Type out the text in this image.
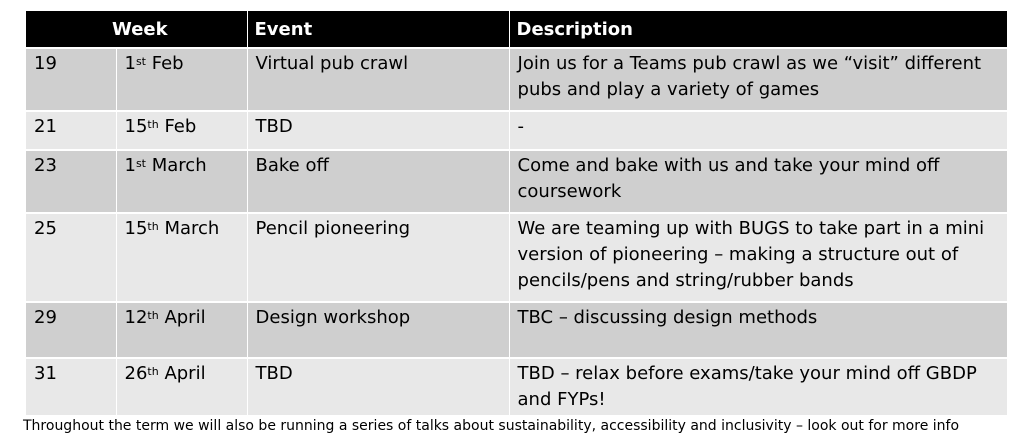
Week		Event	Description
19	1st Feb	Virtual pub crawl	Join us for a Teams pub crawl as we “visit” different pubs and play a variety of games
21	15th Feb	TBD	-
23	1st March	Bake off	Come and bake with us and take your mind off coursework
25	15th March	Pencil pioneering	We are teaming up with BUGS to take part in a mini version of pioneering – making a structure out of pencils/pens and string/rubber bands
29	12th April	Design workshop	TBC – discussing design methods
31	26th April	TBD	TBD – relax before exams/take your mind off GBDP and FYPs!
Throughout the term we will also be running a series of talks about sustainability, accessibility and inclusivity – look out for more info
